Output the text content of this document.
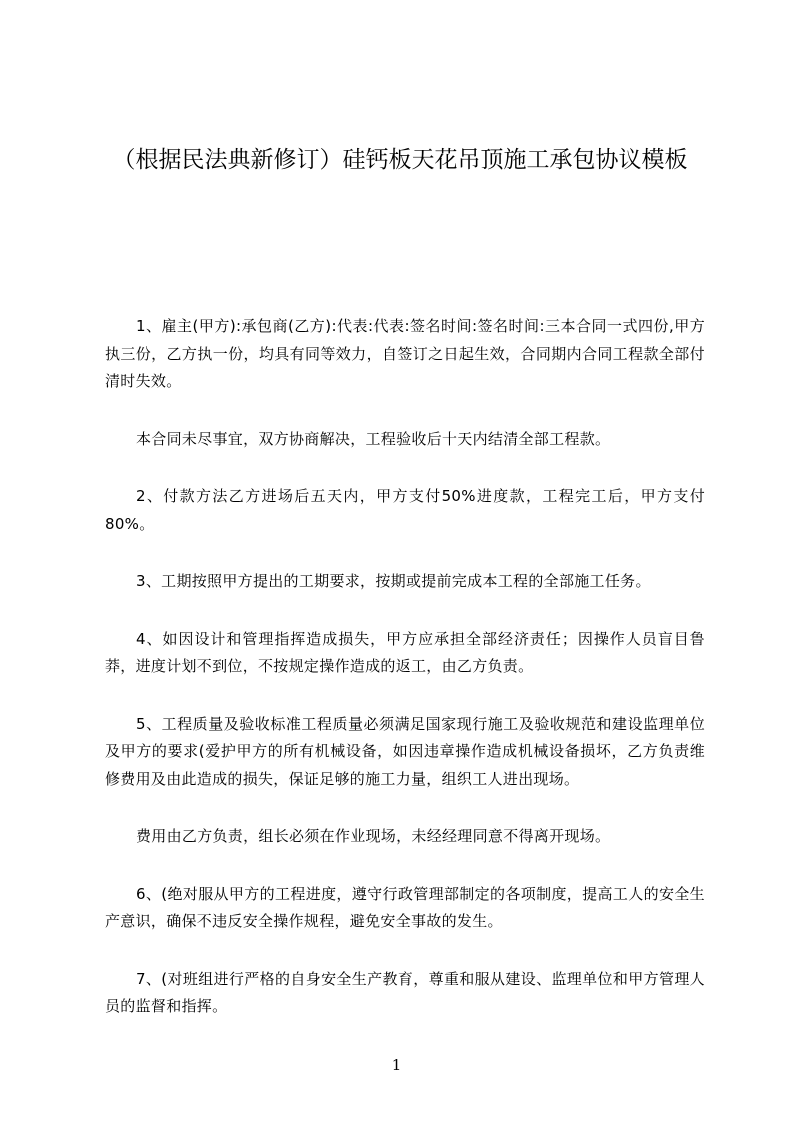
（根据民法典新修订）硅钙板天花吊顶施工承包协议模板

1、雇主(甲方):承包商(乙方):代表:代表:签名时间:签名时间:三本合同一式四份,甲方执三份，乙方执一份，均具有同等效力，自签订之日起生效，合同期内合同工程款全部付清时失效。

本合同未尽事宜，双方协商解决，工程验收后十天内结清全部工程款。

2、付款方法乙方进场后五天内，甲方支付50%进度款，工程完工后，甲方支付80%。

3、工期按照甲方提出的工期要求，按期或提前完成本工程的全部施工任务。

4、如因设计和管理指挥造成损失，甲方应承担全部经济责任；因操作人员盲目鲁莽，进度计划不到位，不按规定操作造成的返工，由乙方负责。

5、工程质量及验收标准工程质量必须满足国家现行施工及验收规范和建设监理单位及甲方的要求(爱护甲方的所有机械设备，如因违章操作造成机械设备损坏，乙方负责维修费用及由此造成的损失，保证足够的施工力量，组织工人进出现场。

费用由乙方负责，组长必须在作业现场，未经经理同意不得离开现场。

6、(绝对服从甲方的工程进度，遵守行政管理部制定的各项制度，提高工人的安全生产意识，确保不违反安全操作规程，避免安全事故的发生。

7、(对班组进行严格的自身安全生产教育，尊重和服从建设、监理单位和甲方管理人员的监督和指挥。

1
